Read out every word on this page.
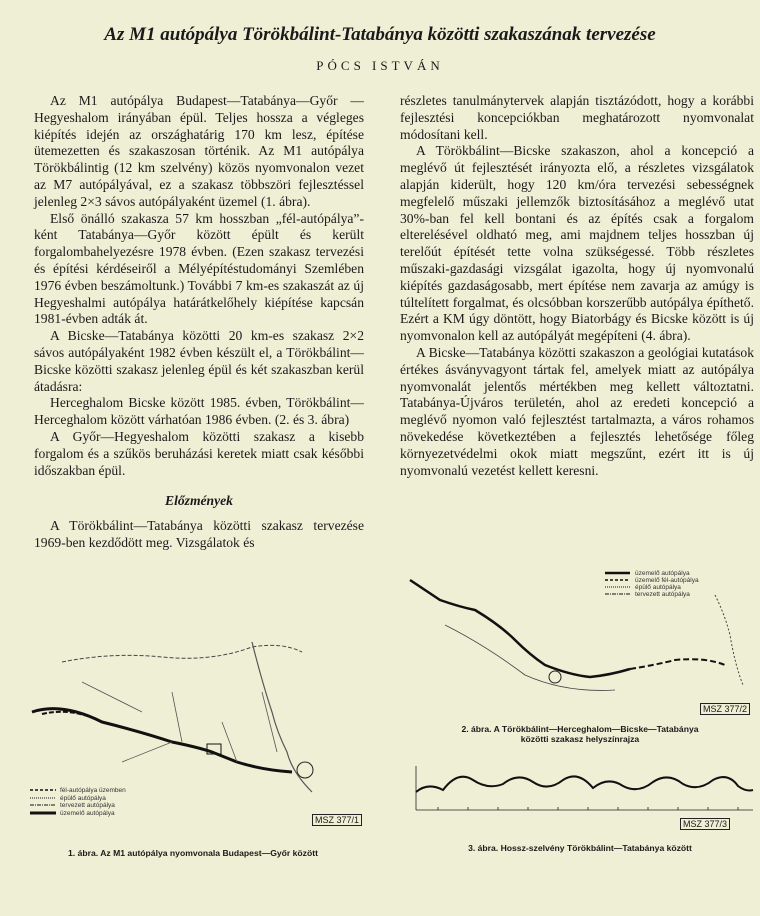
Az M1 autópálya Törökbálint-Tatabánya közötti szakaszának tervezése
PÓCS ISTVÁN

Az M1 autópálya Budapest—Tatabánya—Győr —Hegyeshalom irányában épül. Teljes hossza a végleges kiépítés idején az országhatárig 170 km lesz, építése ütemezetten és szakaszosan történik. Az M1 autópálya Törökbálintig (12 km szelvény) közös nyomvonalon vezet az M7 autópályával, ez a szakasz többszöri fejlesztéssel jelenleg 2×3 sávos autópályaként üzemel (1. ábra).

Első önálló szakasza 57 km hosszban „fél-autópálya”-ként Tatabánya—Győr között épült és került forgalombahelyezésre 1978 évben. (Ezen szakasz tervezési és építési kérdéseiről a Mélyépítéstudományi Szemlében 1976 évben beszámoltunk.) További 7 km-es szakaszát az új Hegyeshalmi autópálya határátkelőhely kiépítése kapcsán 1981-évben adták át.

A Bicske—Tatabánya közötti 20 km-es szakasz 2×2 sávos autópályaként 1982 évben készült el, a Törökbálint—Bicske közötti szakasz jelenleg épül és két szakaszban kerül átadásra:

Herceghalom Bicske között 1985. évben, Törökbálint—Herceghalom között várhatóan 1986 évben. (2. és 3. ábra)

A Győr—Hegyeshalom közötti szakasz a kisebb forgalom és a szűkös beruházási keretek miatt csak későbbi időszakban épül.

Előzmények

A Törökbálint—Tatabánya közötti szakasz tervezése 1969-ben kezdődött meg. Vizsgálatok és

részletes tanulmánytervek alapján tisztázódott, hogy a korábbi fejlesztési koncepciókban meghatározott nyomvonalat módosítani kell.

A Törökbálint—Bicske szakaszon, ahol a koncepció a meglévő út fejlesztését irányozta elő, a részletes vizsgálatok alapján kiderült, hogy 120 km/óra tervezési sebességnek megfelelő műszaki jellemzők biztosításához a meglévő utat 30%-ban fel kell bontani és az építés csak a forgalom elterelésével oldható meg, ami majdnem teljes hosszban új terelőút építését tette volna szükségessé. Több részletes műszaki-gazdasági vizsgálat igazolta, hogy új nyomvonalú kiépítés gazdaságosabb, mert építése nem zavarja az amúgy is túltelített forgalmat, és olcsóbban korszerűbb autópálya építhető. Ezért a KM úgy döntött, hogy Biatorbágy és Bicske között is új nyomvonalon kell az autópályát megépíteni (4. ábra).

A Bicske—Tatabánya közötti szakaszon a geológiai kutatások értékes ásványvagyont tártak fel, amelyek miatt az autópálya nyomvonalát jelentős mértékben meg kellett változtatni. Tatabánya-Újváros területén, ahol az eredeti koncepció a meglévő nyomon való fejlesztést tartalmazta, a város rohamos növekedése következtében a fejlesztés lehetősége főleg környezetvédelmi okok miatt megszűnt, ezért itt is új nyomvonalú vezetést kellett keresni.

fél-autópálya üzemben
épülő autópálya
tervezett autópálya
üzemelő autópálya
MSZ 377/1
1. ábra. Az M1 autópálya nyomvonala Budapest—Győr között
üzemelő autópálya
üzemelő fél-autópálya
épülő autópálya
tervezett autópálya
MSZ 377/2
2. ábra. A Törökbálint—Herceghalom—Bicske—Tatabánya
közötti szakasz helyszínrajza
MSZ 377/3
3. ábra. Hossz-szelvény Törökbálint—Tatabánya között
